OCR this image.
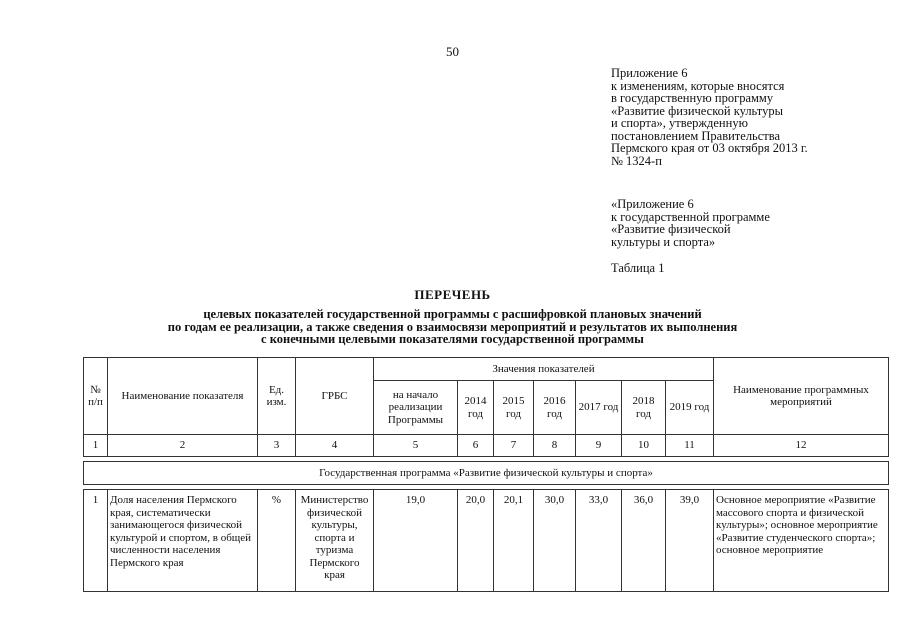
50
Приложение 6
к изменениям, которые вносятся
в государственную программу
«Развитие физической культуры
и спорта», утвержденную
постановлением Правительства
Пермского края от 03 октября 2013 г.
№ 1324-п
«Приложение 6
к государственной программе
«Развитие физической
культуры и спорта»
Таблица 1
ПЕРЕЧЕНЬ
целевых показателей государственной программы с расшифровкой плановых значений
по годам ее реализации, а также сведения о взаимосвязи мероприятий и результатов их выполнения
с конечными целевыми показателями государственной программы
№ п/п	Наименование показателя	Ед. изм.	ГРБС	Значения показателей							Наименование программных мероприятий
				на начало реализации Программы	2014 год	2015 год	2016 год	2017 год	2018 год	2019 год	
1	2	3	4	5	6	7	8	9	10	11	12

Государственная программа «Развитие физической культуры и спорта»											

1	Доля населения Пермского края, систематически занимающегося физической культурой и спортом, в общей численности населения Пермского края	%	Министерство физической культуры, спорта и туризма Пермского края	19,0	20,0	20,1	30,0	33,0	36,0	39,0	Основное мероприятие «Развитие массового спорта и физической культуры»; основное мероприятие «Развитие студенческого спорта»; основное мероприятие
